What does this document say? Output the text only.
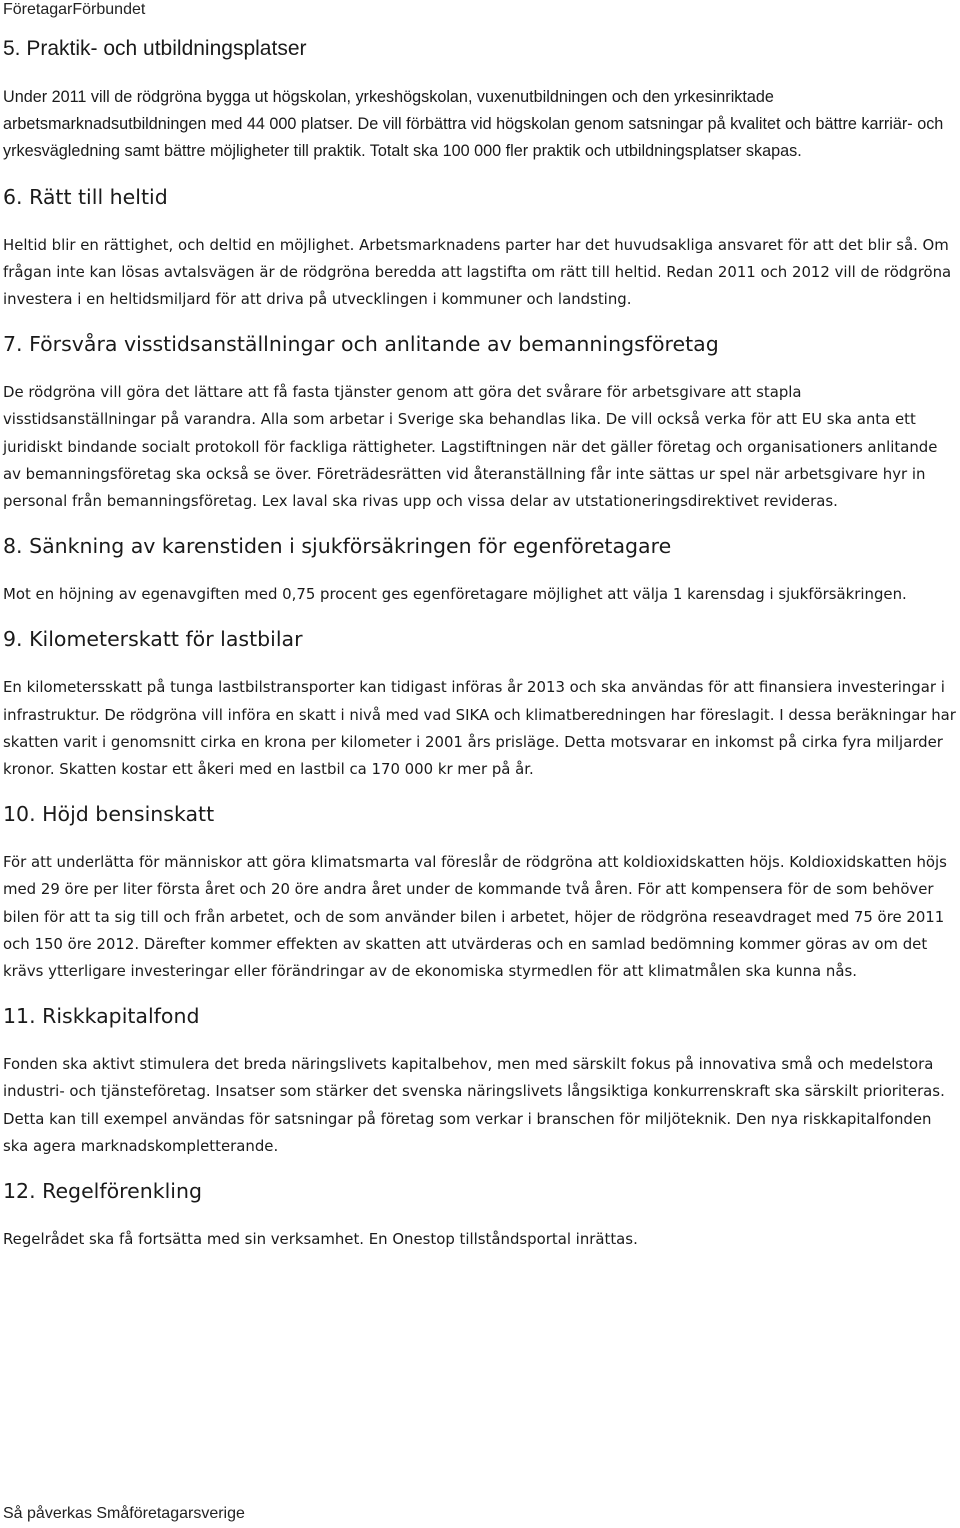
FöretagarFörbundet
5. Praktik- och utbildningsplatser

Under 2011 vill de rödgröna bygga ut högskolan, yrkeshögskolan, vuxenutbildningen och den yrkesinriktade arbetsmarknadsutbildningen med 44 000 platser. De vill förbättra vid högskolan genom satsningar på kvalitet och bättre karriär- och yrkesvägledning samt bättre möjligheter till praktik. Totalt ska 100 000 fler praktik och utbildningsplatser skapas.

6. Rätt till heltid

Heltid blir en rättighet, och deltid en möjlighet. Arbetsmarknadens parter har det huvudsakliga ansvaret för att det blir så. Om frågan inte kan lösas avtalsvägen är de rödgröna beredda att lagstifta om rätt till heltid. Redan 2011 och 2012 vill de rödgröna investera i en heltidsmiljard för att driva på utvecklingen i kommuner och landsting.

7. Försvåra visstidsanställningar och anlitande av bemanningsföretag

De rödgröna vill göra det lättare att få fasta tjänster genom att göra det svårare för arbetsgivare att stapla visstidsanställningar på varandra. Alla som arbetar i Sverige ska behandlas lika. De vill också verka för att EU ska anta ett juridiskt bindande socialt protokoll för fackliga rättigheter. Lagstiftningen när det gäller företag och organisationers anlitande av bemanningsföretag ska också se över. Företrädesrätten vid återanställning får inte sättas ur spel när arbetsgivare hyr in personal från bemanningsföretag. Lex laval ska rivas upp och vissa delar av utstationeringsdirektivet revideras.

8. Sänkning av karenstiden i sjukförsäkringen för egenföretagare

Mot en höjning av egenavgiften med 0,75 procent ges egenföretagare möjlighet att välja 1 karensdag i sjukförsäkringen.

9. Kilometerskatt för lastbilar

En kilometersskatt på tunga lastbilstransporter kan tidigast införas år 2013 och ska användas för att finansiera investeringar i infrastruktur. De rödgröna vill införa en skatt i nivå med vad SIKA och klimatberedningen har föreslagit. I dessa beräkningar har skatten varit i genomsnitt cirka en krona per kilometer i 2001 års prisläge. Detta motsvarar en inkomst på cirka fyra miljarder kronor. Skatten kostar ett åkeri med en lastbil ca 170 000 kr mer på år.

10. Höjd bensinskatt

För att underlätta för människor att göra klimatsmarta val föreslår de rödgröna att koldioxidskatten höjs. Koldioxidskatten höjs med 29 öre per liter första året och 20 öre andra året under de kommande två åren. För att kompensera för de som behöver bilen för att ta sig till och från arbetet, och de som använder bilen i arbetet, höjer de rödgröna reseavdraget med 75 öre 2011 och 150 öre 2012. Därefter kommer effekten av skatten att utvärderas och en samlad bedömning kommer göras av om det krävs ytterligare investeringar eller förändringar av de ekonomiska styrmedlen för att klimatmålen ska kunna nås.

11. Riskkapitalfond

Fonden ska aktivt stimulera det breda näringslivets kapitalbehov, men med särskilt fokus på innovativa små och medelstora industri- och tjänsteföretag. Insatser som stärker det svenska näringslivets långsiktiga konkurrenskraft ska särskilt prioriteras. Detta kan till exempel användas för satsningar på företag som verkar i branschen för miljöteknik. Den nya riskkapitalfonden ska agera marknadskompletterande.

12. Regelförenkling

Regelrådet ska få fortsätta med sin verksamhet. En Onestop tillståndsportal inrättas.

Så påverkas Småföretagarsverige
